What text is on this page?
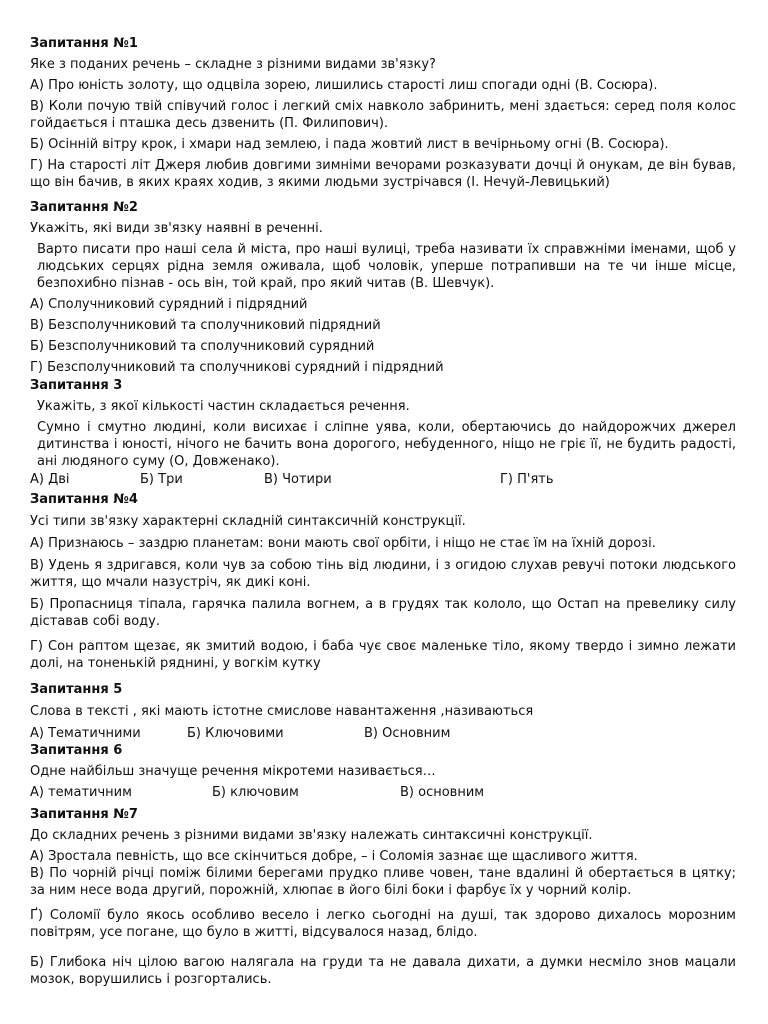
Запитання №1
Яке з поданих речень – складне з різними видами зв'язку?
А) Про юність золоту, що одцвіла зорею, лишились старості лиш спогади одні (В. Сосюра).
В) Коли почую твій співучий голос і легкий сміх навколо забринить, мені здається: серед поля колос гойдається і пташка десь дзвенить (П. Филипович).
Б) Осінній вітру крок, і хмари над землею, і пада жовтий лист в вечірньому огні (В. Сосюра).
Г) На старості літ Джеря любив довгими зимніми вечорами розказувати дочці й онукам, де він бував, що він бачив, в яких краях ходив, з якими людьми зустрічався (І. Нечуй-Левицький)
Запитання №2
Укажіть, які види зв'язку наявні в реченні.
Варто писати про наші села й міста, про наші вулиці, треба називати їх справжніми іменами, щоб у людських серцях рідна земля оживала, щоб чоловік, уперше потрапивши на те чи інше місце, безпохибно пізнав - ось він, той край, про який читав (В. Шевчук).
А) Сполучниковий сурядний і підрядний
В) Безсполучниковий та сполучниковий підрядний
Б) Безсполучниковий та сполучниковий сурядний
Г) Безсполучниковий та сполучникові сурядний і підрядний
Запитання 3
Укажіть, з якої кількості частин складається речення.
Сумно і смутно людині, коли висихає і сліпне уява, коли, обертаючись до найдорожчих джерел дитинства і юності, нічого не бачить вона дорогого, небуденного, ніщо не гріє її, не будить радості, ані людяного суму (О, Довженако).
А) Дві	Б) Три	В) Чотири	Г) П'ять
Запитання №4
Усі типи зв'язку характерні складній синтаксичній конструкції.
А) Признаюсь – заздрю планетам: вони мають свої орбіти, і ніщо не стає їм на їхній дорозі.
В) Удень я здригався, коли чув за собою тінь від людини, і з огидою слухав ревучі потоки людського життя, що мчали назустріч, як дикі коні.
Б) Пропасниця тіпала, гарячка палила вогнем, а в грудях так кололо, що Остап на превелику силу діставав собі воду.
Г) Сон раптом щезає, як змитий водою, і баба чує своє маленьке тіло, якому твердо і зимно лежати долі, на тоненькій ряднині, у вогкім кутку
Запитання 5
Слова в тексті , які мають істотне смислове навантаження ,називаються
А) Тематичними	Б) Ключовими	В) Основним
Запитання 6
Одне найбільш значуще речення мікротеми називається…
А) тематичним	Б) ключовим	В) основним
Запитання №7
До складних речень з різними видами зв'язку належать синтаксичні конструкції.
А) Зростала певність, що все скінчиться добре, – і Соломія зазнає ще щасливого життя.
В) По чорній річці поміж білими берегами прудко пливе човен, тане вдалині й обертається в цятку; за ним несе вода другий, порожній, хлюпає в його білі боки і фарбує їх у чорний колір.
Ґ) Соломії було якось особливо весело і легко сьогодні на душі, так здорово дихалось морозним повітрям, усе погане, що було в житті, відсувалося назад, блідо.
Б) Глибока ніч цілою вагою налягала на груди та не давала дихати, а думки несміло знов мацали мозок, ворушились і розгортались.
